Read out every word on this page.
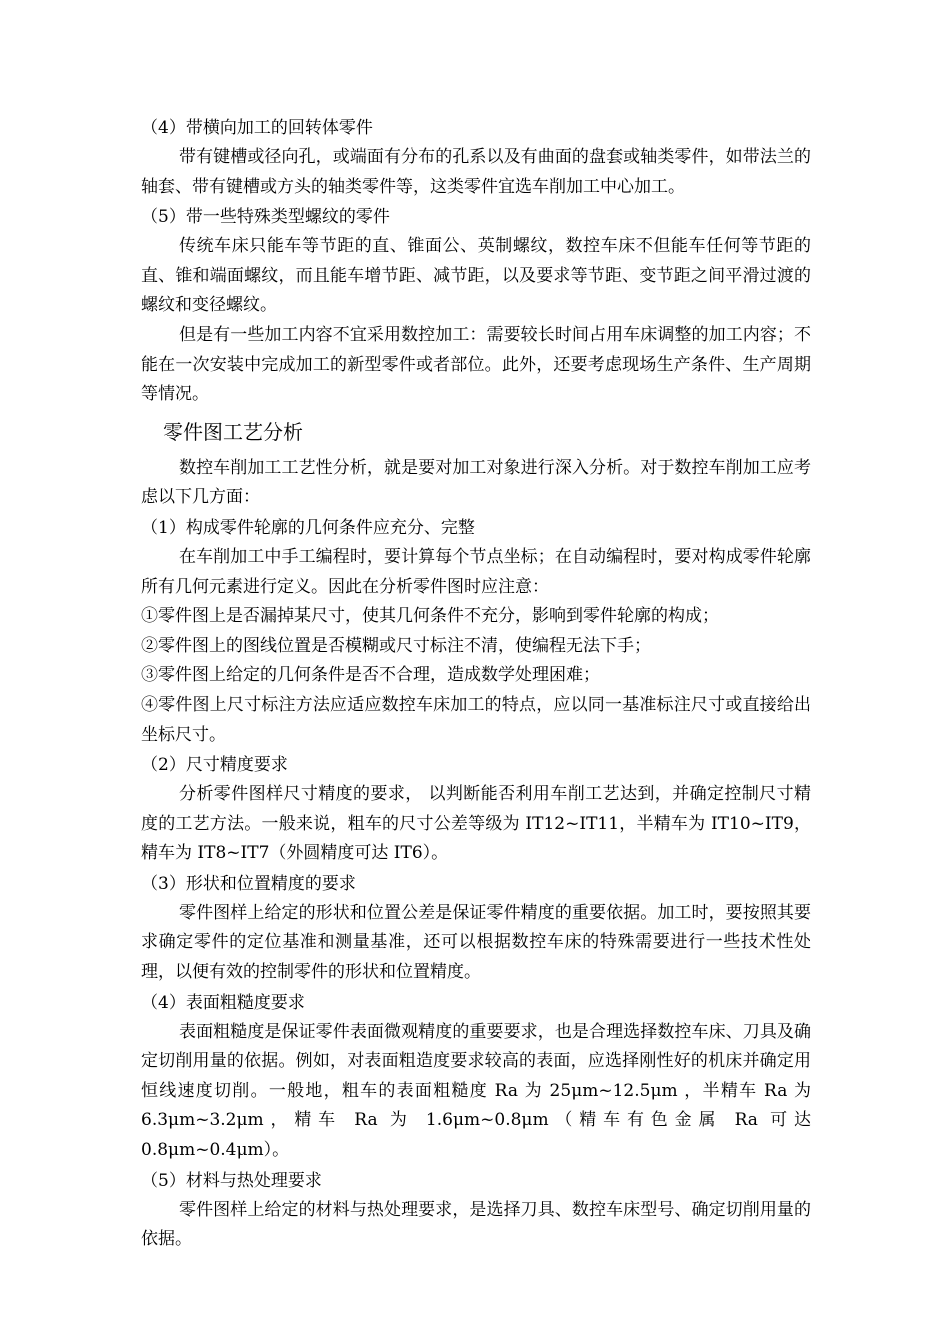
（4）带横向加工的回转体零件
带有键槽或径向孔，或端面有分布的孔系以及有曲面的盘套或轴类零件，如带法兰的轴套、带有键槽或方头的轴类零件等，这类零件宜选车削加工中心加工。
（5）带一些特殊类型螺纹的零件
传统车床只能车等节距的直、锥面公、英制螺纹，数控车床不但能车任何等节距的直、锥和端面螺纹，而且能车增节距、减节距，以及要求等节距、变节距之间平滑过渡的螺纹和变径螺纹。
但是有一些加工内容不宜采用数控加工：需要较长时间占用车床调整的加工内容；不能在一次安装中完成加工的新型零件或者部位。此外，还要考虑现场生产条件、生产周期等情况。
零件图工艺分析
数控车削加工工艺性分析，就是要对加工对象进行深入分析。对于数控车削加工应考虑以下几方面：
（1）构成零件轮廓的几何条件应充分、完整
在车削加工中手工编程时，要计算每个节点坐标；在自动编程时，要对构成零件轮廓所有几何元素进行定义。因此在分析零件图时应注意：
①零件图上是否漏掉某尺寸，使其几何条件不充分，影响到零件轮廓的构成；
②零件图上的图线位置是否模糊或尺寸标注不清，使编程无法下手；
③零件图上给定的几何条件是否不合理，造成数学处理困难；
④零件图上尺寸标注方法应适应数控车床加工的特点，应以同一基准标注尺寸或直接给出坐标尺寸。
（2）尺寸精度要求
分析零件图样尺寸精度的要求， 以判断能否利用车削工艺达到，并确定控制尺寸精度的工艺方法。一般来说，粗车的尺寸公差等级为 IT12~IT11，半精车为 IT10~IT9，精车为 IT8~IT7（外圆精度可达 IT6）。
（3）形状和位置精度的要求
零件图样上给定的形状和位置公差是保证零件精度的重要依据。加工时，要按照其要求确定零件的定位基准和测量基准，还可以根据数控车床的特殊需要进行一些技术性处理，以便有效的控制零件的形状和位置精度。
（4）表面粗糙度要求
表面粗糙度是保证零件表面微观精度的重要要求，也是合理选择数控车床、刀具及确定切削用量的依据。例如，对表面粗造度要求较高的表面，应选择刚性好的机床并确定用恒线速度切削。一般地，粗车的表面粗糙度 Ra 为 25μm~12.5μm ，半精车 Ra 为 6.3μm~3.2μm，精车 Ra 为 1.6μm~0.8μm（精车有色金属 Ra 可达 0.8μm~0.4μm）。
（5）材料与热处理要求
零件图样上给定的材料与热处理要求，是选择刀具、数控车床型号、确定切削用量的依据。
